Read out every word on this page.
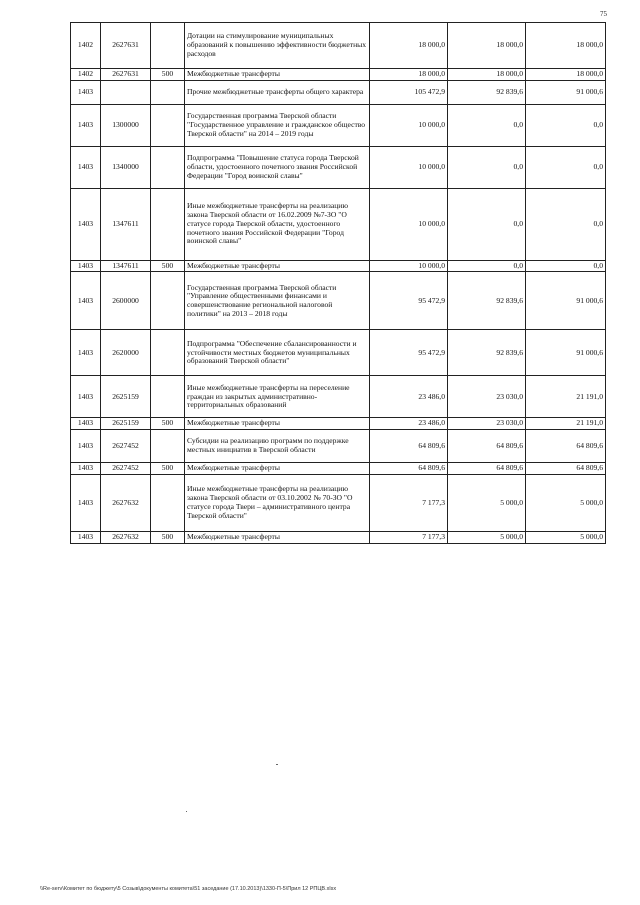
75
1402	2627631		Дотации на стимулирование муниципальных образований к повышению эффективности бюджетных расходов	18 000,0	18 000,0	18 000,0
1402	2627631	500	Межбюджетные трансферты	18 000,0	18 000,0	18 000,0
1403			Прочие межбюджетные трансферты общего характера	105 472,9	92 839,6	91 000,6
1403	1300000		Государственная программа Тверской области "Государственное управление и гражданское общество Тверской области" на 2014 – 2019 годы	10 000,0	0,0	0,0
1403	1340000		Подпрограмма "Повышение статуса города Тверской области, удостоенного почетного звания Российской Федерации "Город воинской славы"	10 000,0	0,0	0,0
1403	1347611		Иные межбюджетные трансферты на реализацию закона Тверской области от 16.02.2009 №7-ЗО "О статусе города Тверской области, удостоенного почетного звания Российской Федерации "Город воинской славы"	10 000,0	0,0	0,0
1403	1347611	500	Межбюджетные трансферты	10 000,0	0,0	0,0
1403	2600000		Государственная программа Тверской области "Управление общественными финансами и совершенствование региональной налоговой политики" на 2013 – 2018 годы	95 472,9	92 839,6	91 000,6
1403	2620000		Подпрограмма "Обеспечение сбалансированности и устойчивости местных бюджетов муниципальных образований Тверской области"	95 472,9	92 839,6	91 000,6
1403	2625159		Иные межбюджетные трансферты на переселение граждан из закрытых административно-территориальных образований	23 486,0	23 030,0	21 191,0
1403	2625159	500	Межбюджетные трансферты	23 486,0	23 030,0	21 191,0
1403	2627452		Субсидии на реализацию программ по поддержке местных инициатив в Тверской области	64 809,6	64 809,6	64 809,6
1403	2627452	500	Межбюджетные трансферты	64 809,6	64 809,6	64 809,6
1403	2627632		Иные межбюджетные трансферты на реализацию закона Тверской области от 03.10.2002 № 70-ЗО "О статусе города Твери – административного центра Тверской области"	7 177,3	5 000,0	5 000,0
1403	2627632	500	Межбюджетные трансферты	7 177,3	5 000,0	5 000,0
\\Re-serv\Комитет по бюджету\5 Созыв\документы комитета\51 заседание (17.10.2013)\1330-П-5\Прил 12 РПЦВ.xlsx
